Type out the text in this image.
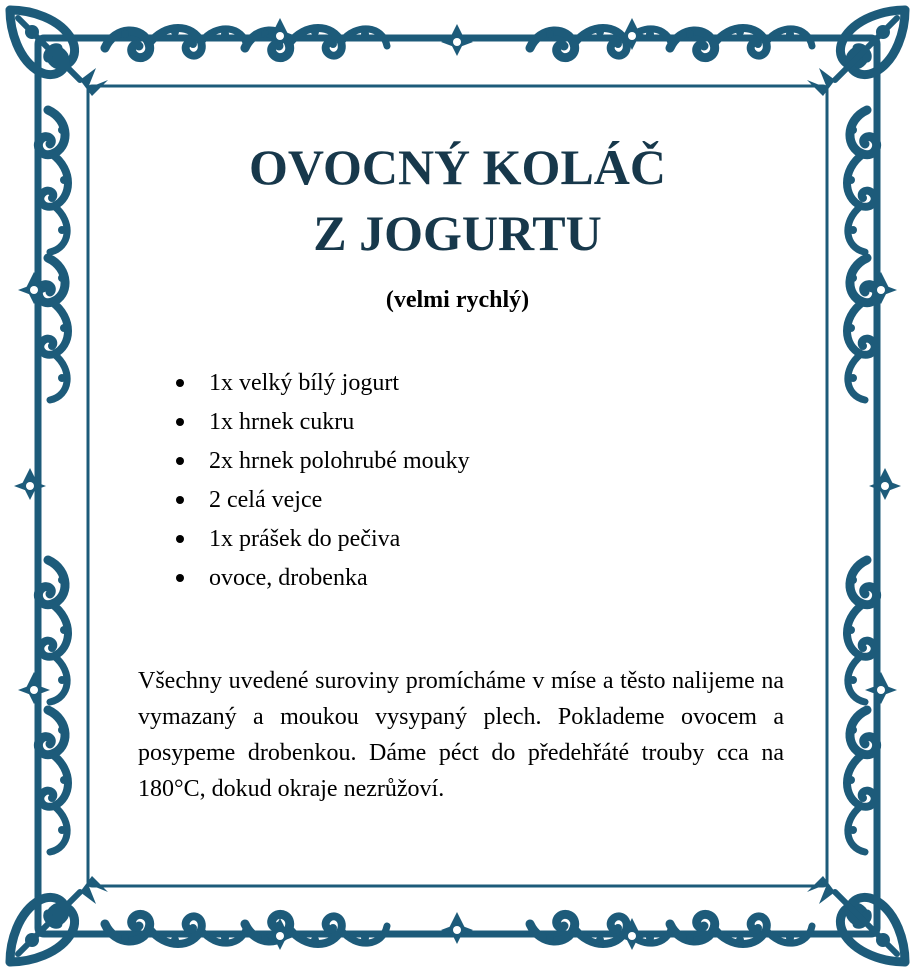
OVOCNÝ KOLÁČ
Z JOGURTU
(velmi rychlý)
1x velký bílý jogurt
1x hrnek cukru
2x hrnek polohrubé mouky
2 celá vejce
1x prášek do pečiva
ovoce, drobenka

Všechny uvedené suroviny promícháme v míse a těsto nalijeme na vymazaný a moukou vysypaný plech. Poklademe ovocem a posypeme drobenkou. Dáme péct do předehřáté trouby cca na 180°C, dokud okraje nezrůžoví.
